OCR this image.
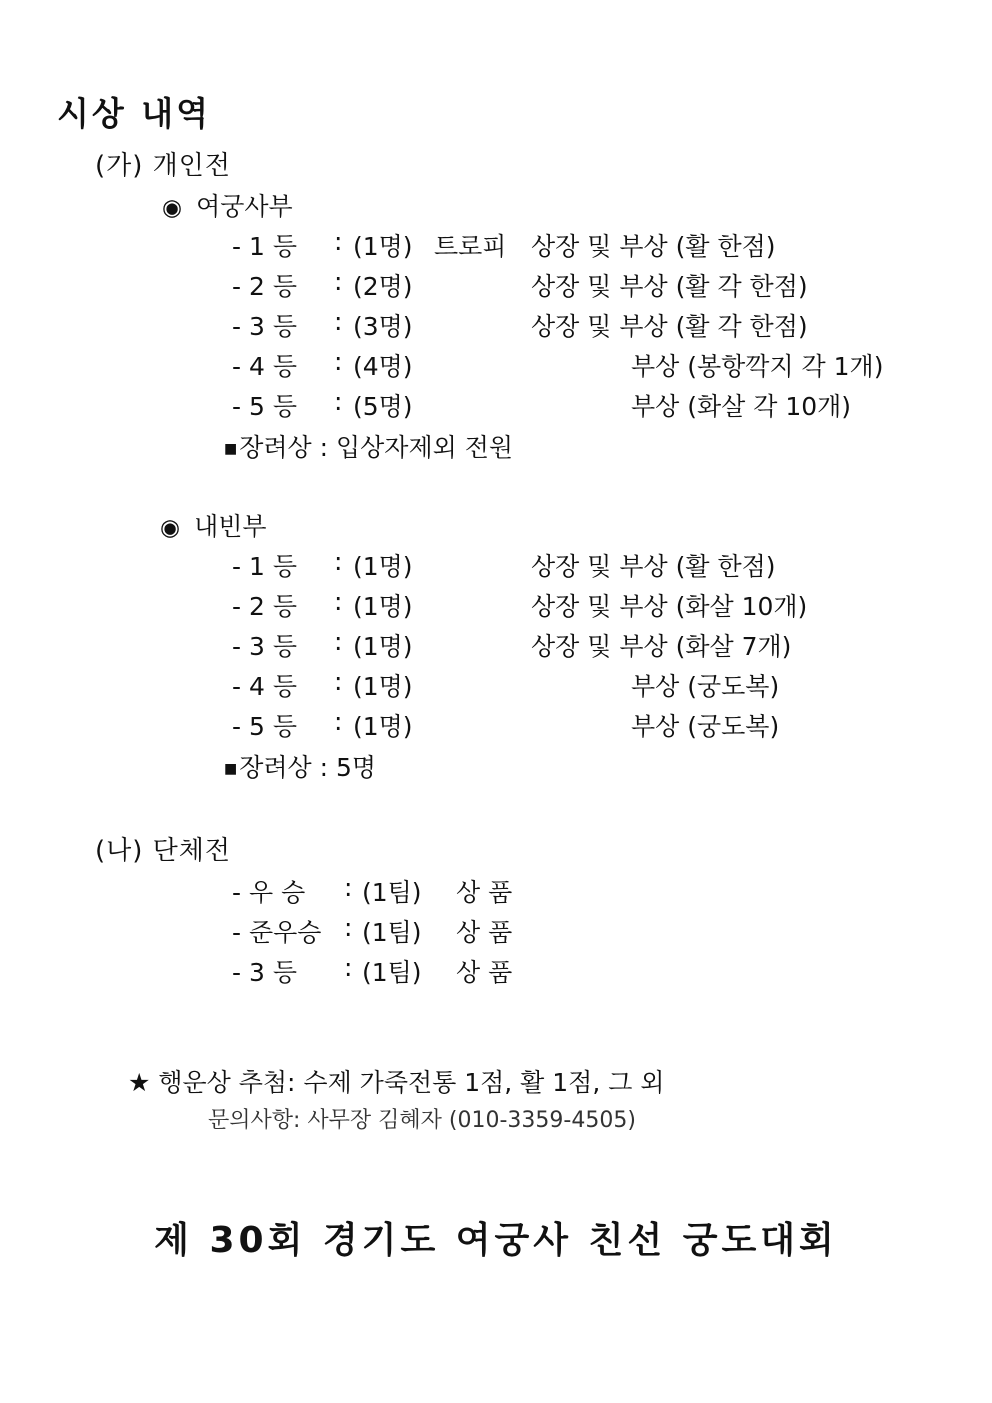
시상 내역
(가) 개인전
◉ 여궁사부
- 1 등 : (1명) 트로피 상장 및 부상 (활 한점)
- 2 등 : (2명)	상장 및 부상 (활 각 한점)
- 3 등 : (3명)	상장 및 부상 (활 각 한점)
- 4 등 : (4명)	부상 (봉항깍지 각 1개)
- 5 등 : (5명)	부상 (화살 각 10개)
■장려상 : 입상자제외 전원
◉ 내빈부
- 1 등 : (1명)	상장 및 부상 (활 한점)
- 2 등 : (1명)	상장 및 부상 (화살 10개)
- 3 등 : (1명)	상장 및 부상 (화살 7개)
- 4 등 : (1명)	부상 (궁도복)
- 5 등 : (1명)	부상 (궁도복)
■장려상 : 5명
(나) 단체전
- 우 승 : (1팀) 상 품
- 준우승 : (1팀) 상 품
- 3 등 : (1팀) 상 품
★ 행운상 추첨: 수제 가죽전통 1점, 활 1점, 그 외
문의사항: 사무장 김혜자 (010-3359-4505)
제 30회 경기도 여궁사 친선 궁도대회
